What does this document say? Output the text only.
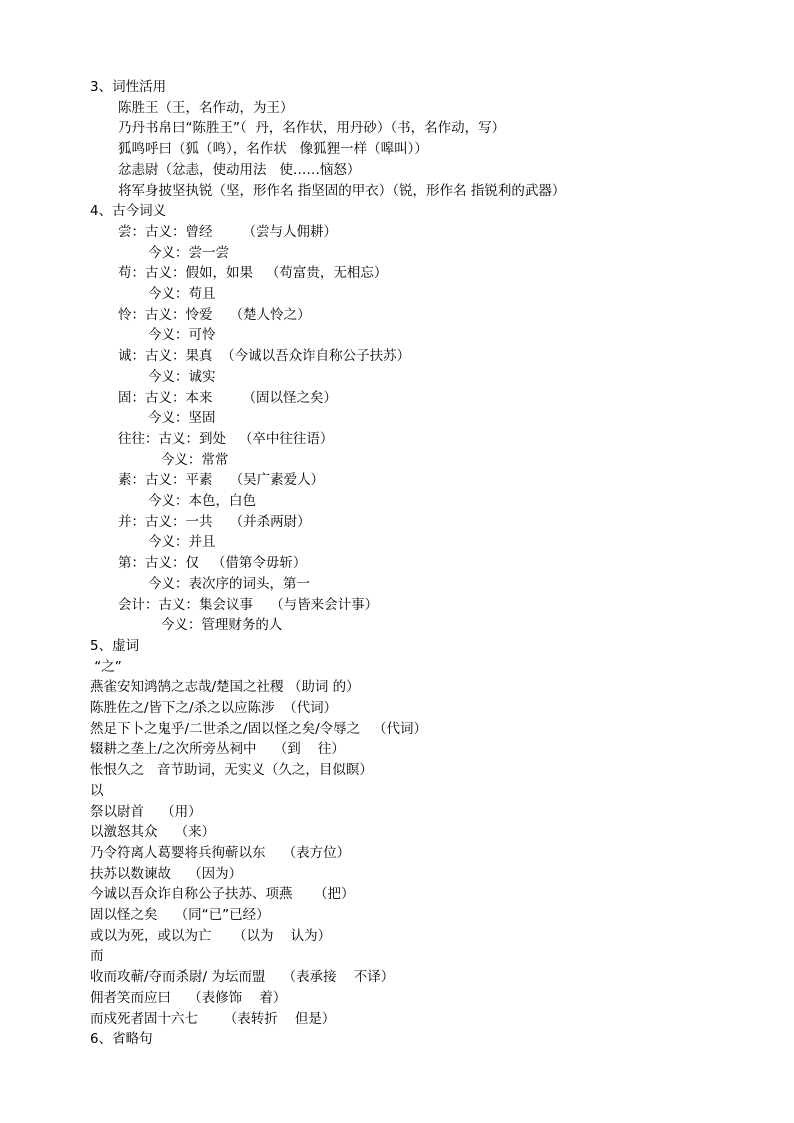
3、词性活用
陈胜王（王，名作动，为王）
乃丹书帛曰“陈胜王”（  丹，名作状，用丹砂）（书，名作动，写）
狐鸣呼曰（狐（鸣），名作状   像狐狸一样（嗥叫））
忿恚尉（忿恚，使动用法   使……恼怒）
将军身披坚执锐（坚，形作名 指坚固的甲衣）（锐，形作名 指锐利的武器）
4、古今词义
尝：古义：曾经       （尝与人佣耕）
今义：尝一尝
苟：古义：假如，如果   （苟富贵，无相忘）
今义：苟且
怜：古义：怜爱    （楚人怜之）
今义：可怜
诚：古义：果真  （今诚以吾众诈自称公子扶苏）
今义：诚实
固：古义：本来       （固以怪之矣）
今义：坚固
往往：古义：到处   （卒中往往语）
今义：常常
素：古义：平素    （吴广素爱人）
今义：本色，白色
并：古义：一共    （并杀两尉）
今义：并且
第：古义：仅   （借第令毋斩）
今义：表次序的词头，第一
会计：古义：集会议事    （与皆来会计事）
今义：管理财务的人
5、虚词
“之”
燕雀安知鸿鹄之志哉/楚国之社稷 （助词 的）
陈胜佐之/皆下之/杀之以应陈涉  （代词）
然足下卜之鬼乎/二世杀之/固以怪之矣/令辱之   （代词）
辍耕之垄上/之次所旁丛祠中    （到    往）
怅恨久之   音节助词，无实义（久之，目似瞑）
以
祭以尉首    （用）
以激怒其众    （来）
乃令符离人葛婴将兵徇蕲以东    （表方位）
扶苏以数谏故    （因为）
今诚以吾众诈自称公子扶苏、项燕     （把）
固以怪之矣    （同“已”已经）
或以为死，或以为亡     （以为    认为）
而
收而攻蕲/夺而杀尉/ 为坛而盟    （表承接    不译）
佣者笑而应曰    （表修饰    着）
而戍死者固十六七      （表转折    但是）
6、省略句
